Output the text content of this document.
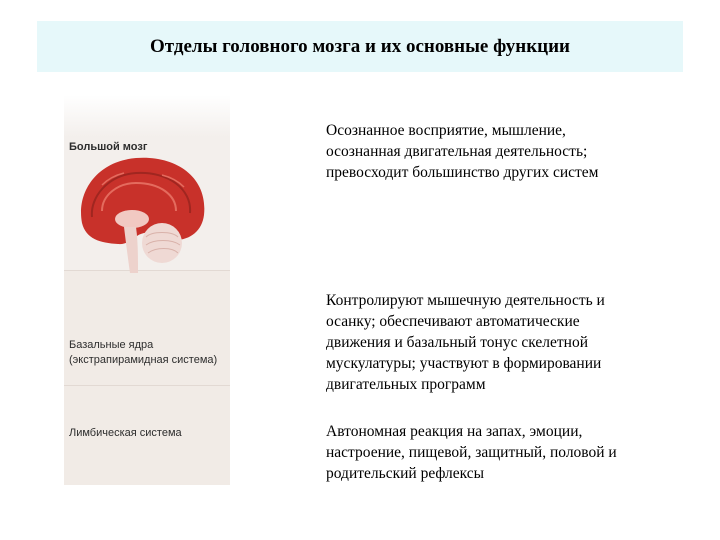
Отделы головного мозга и их основные функции
Большой мозг
Базальные ядра
(экстрапирамидная система)
Лимбическая система
Осознанное восприятие, мышление,
осознанная двигательная деятельность;
превосходит большинство других систем
Контролируют мышечную деятельность и
осанку; обеспечивают автоматические
движения и базальный тонус скелетной
мускулатуры; участвуют в формировании
двигательных программ
Автономная реакция на запах, эмоции,
настроение, пищевой, защитный, половой и
родительский рефлексы
